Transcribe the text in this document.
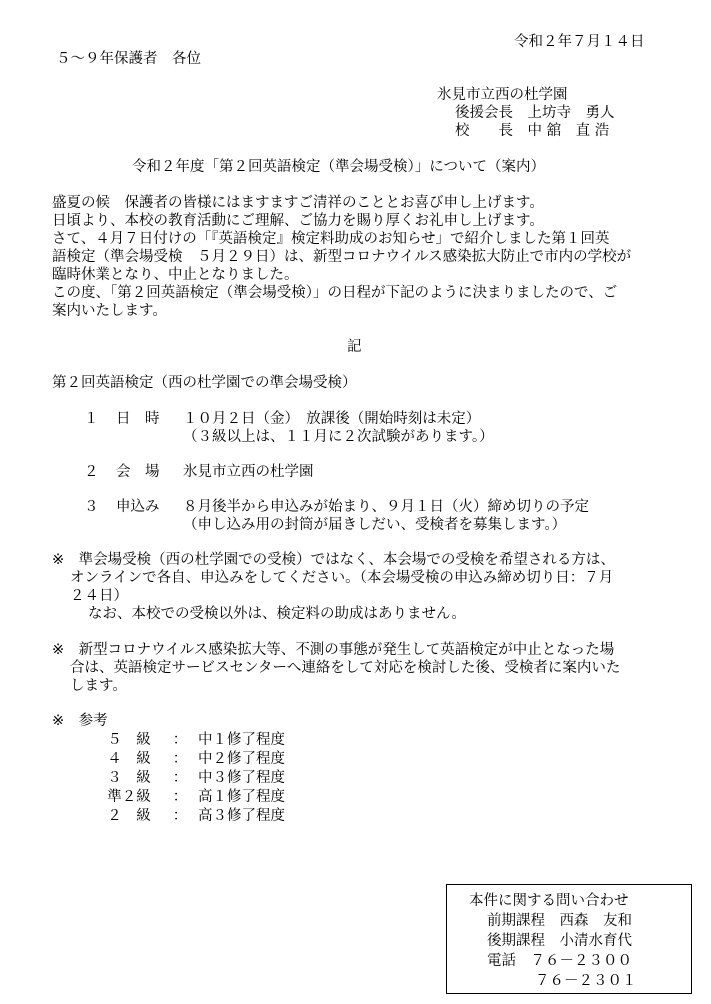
令和２年７月１４日
５～９年保護者　各位
氷見市立西の杜学園
後援会長　上坊寺　勇人
校　　長　中 舘　直 浩
令和２年度「第２回英語検定（準会場受検）」について（案内）
盛夏の候　保護者の皆様にはますますご清祥のこととお喜び申し上げます。
日頃より、本校の教育活動にご理解、ご協力を賜り厚くお礼申し上げます。
さて、４月７日付けの「『英語検定』検定料助成のお知らせ」で紹介しました第１回英
語検定（準会場受検　５月２９日）は、新型コロナウイルス感染拡大防止で市内の学校が
臨時休業となり、中止となりました。
この度、「第２回英語検定（準会場受検）」の日程が下記のように決まりましたので、ご
案内いたします。
記
第２回英語検定（西の杜学園での準会場受検）
１ 日　時 １０月２日（金）　放課後（開始時刻は未定）
（３級以上は、１１月に２次試験があります。）
２ 会　場 氷見市立西の杜学園
３ 申込み ８月後半から申込みが始まり、９月１日（火）締め切りの予定
（申し込み用の封筒が届きしだい、受検者を募集します。）
※　準会場受検（西の杜学園での受検）ではなく、本会場での受検を希望される方は、
オンラインで各自、申込みをしてください。（本会場受検の申込み締め切り日：７月
２４日）
なお、本校での受検以外は、検定料の助成はありません。
※　新型コロナウイルス感染拡大等、不測の事態が発生して英語検定が中止となった場
合は、英語検定サービスセンターへ連絡をして対応を検討した後、受検者に案内いた
します。
※　参考
５　級	：	中１修了程度
４　級	：	中２修了程度
３　級	：	中３修了程度
準２級	：	高１修了程度
２　級	：	高３修了程度
本件に関する問い合わせ
前期課程　西森　友和
後期課程　小清水育代
電話　７６－２３００
７６－２３０１
